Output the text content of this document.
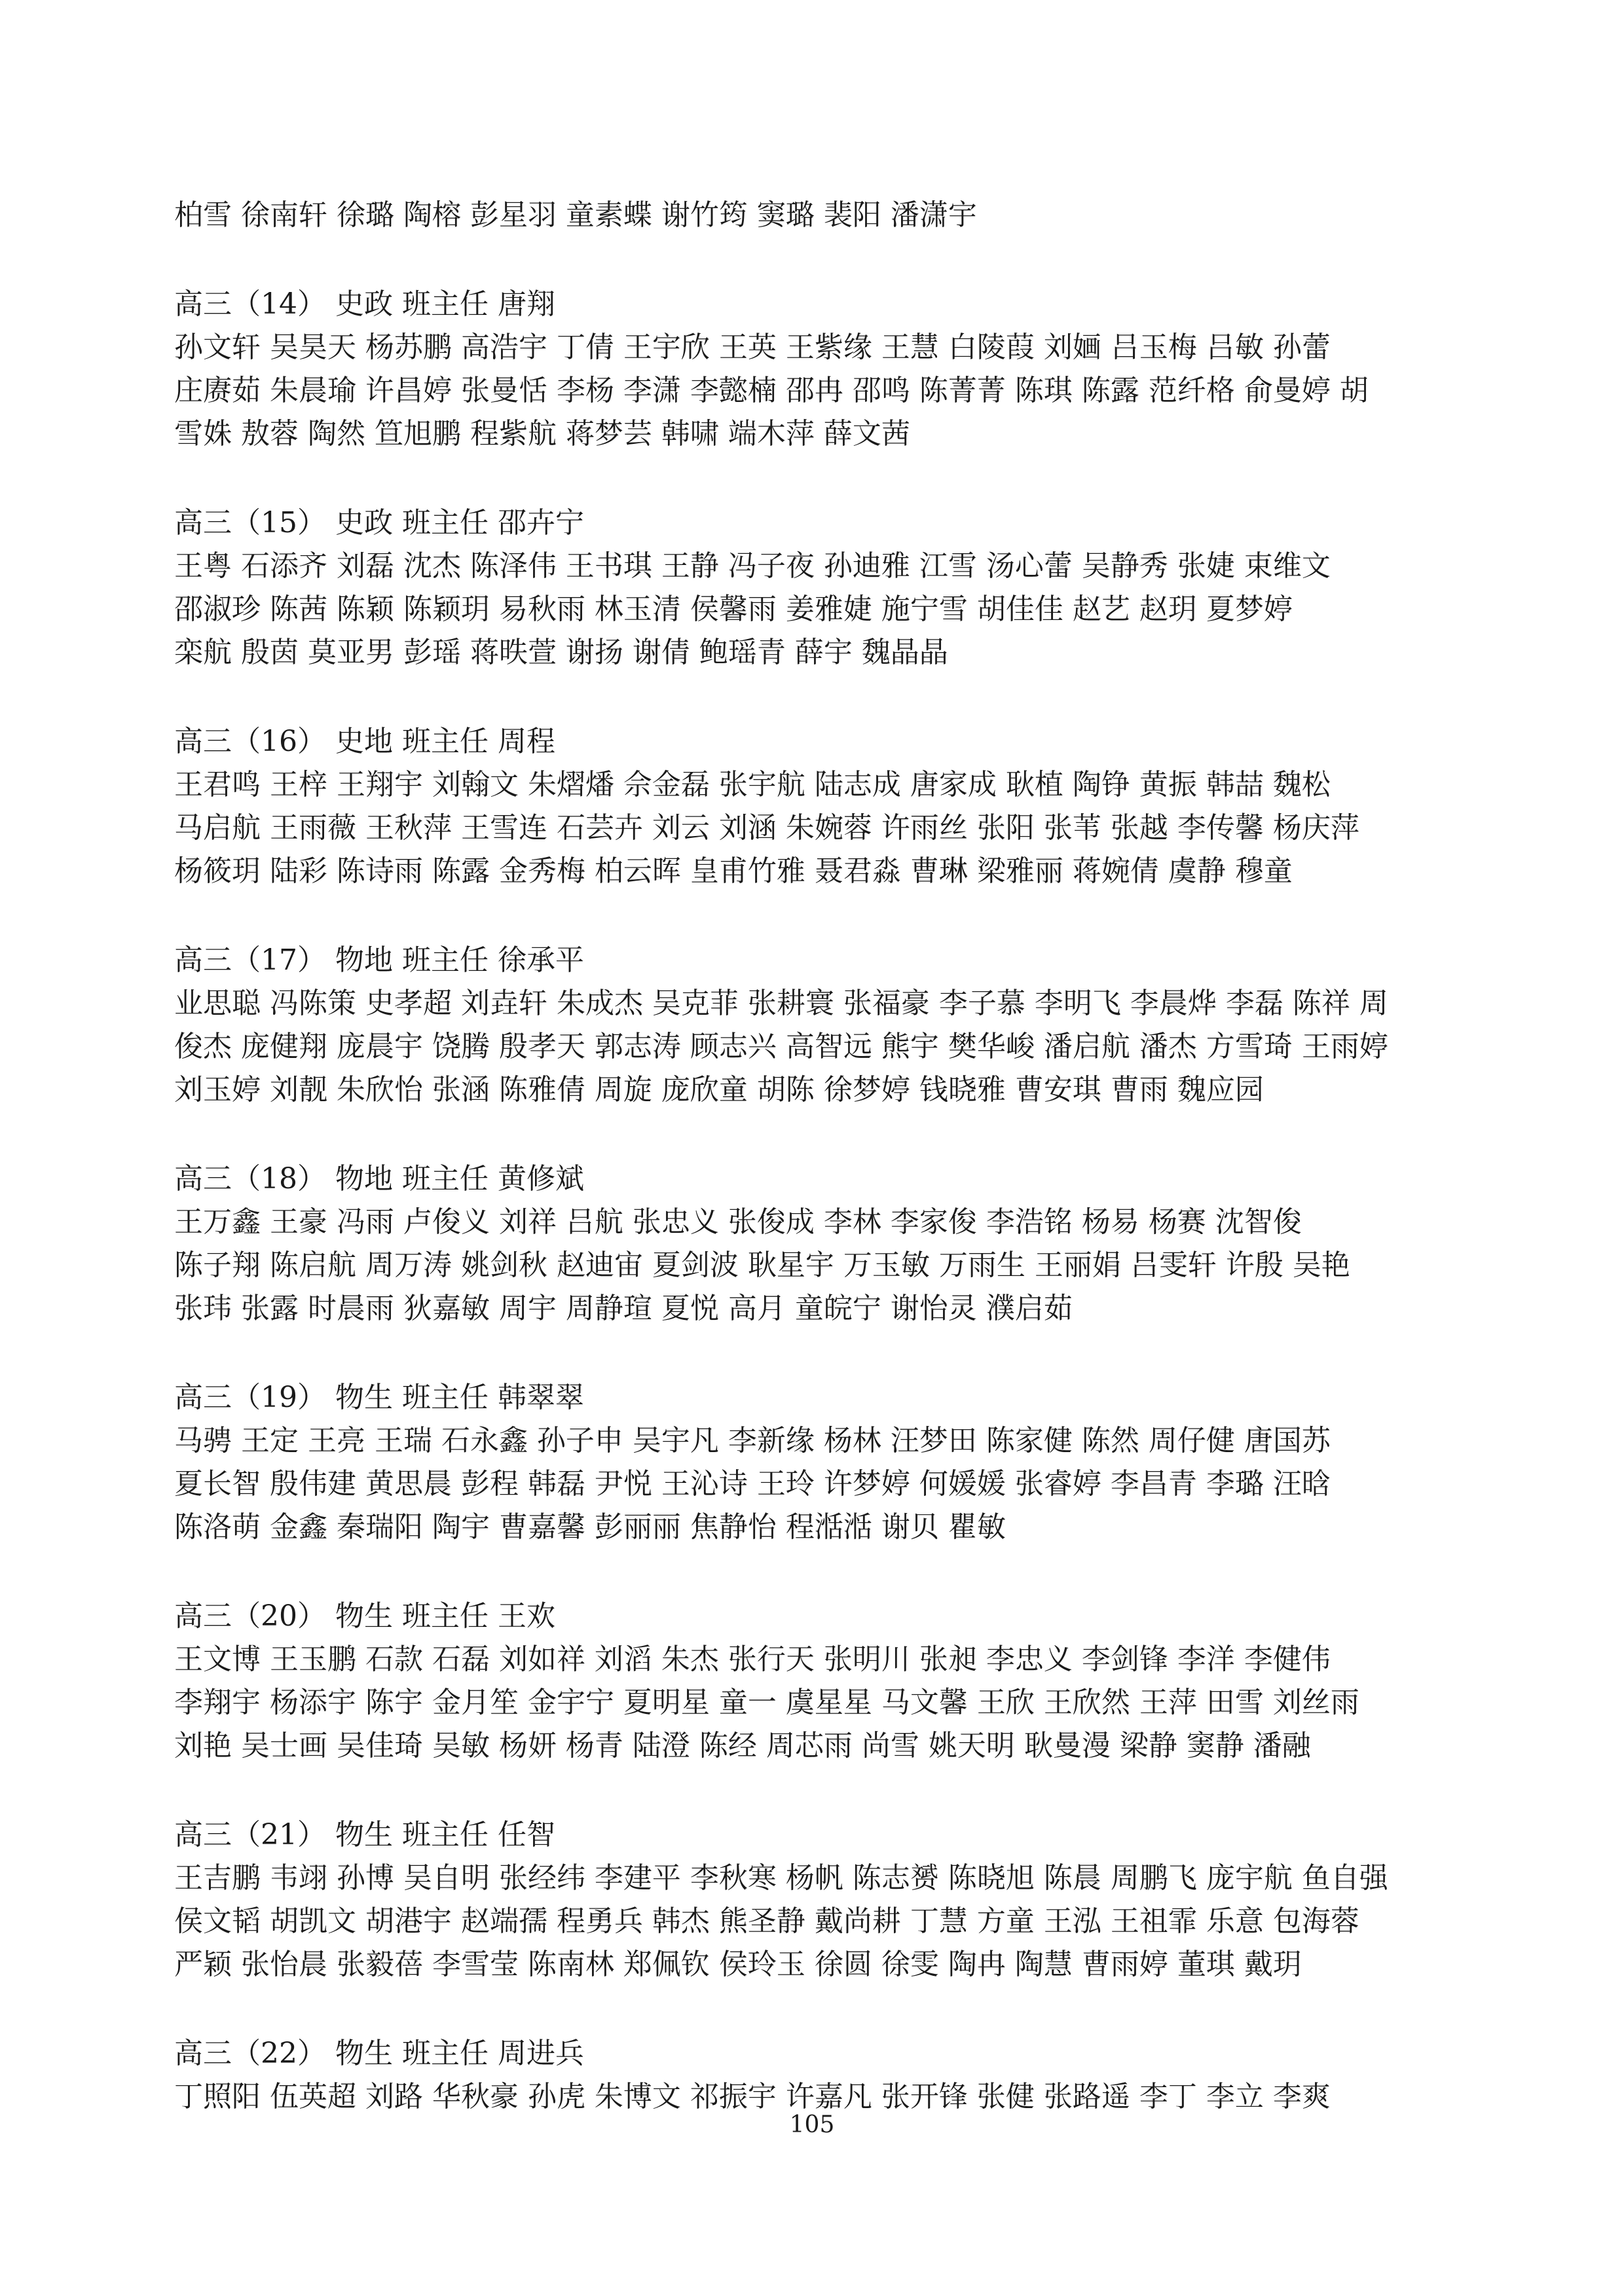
柏雪 徐南轩 徐璐 陶榕 彭星羽 童素蝶 谢竹筠 窦璐 裴阳 潘潇宇
高三（14） 史政 班主任 唐翔
孙文轩 吴昊天 杨苏鹏 高浩宇 丁倩 王宇欣 王英 王紫缘 王慧 白陵葭 刘婳 吕玉梅 吕敏 孙蕾
庄赓茹 朱晨瑜 许昌婷 张曼恬 李杨 李潇 李懿楠 邵冉 邵鸣 陈菁菁 陈琪 陈露 范纤格 俞曼婷 胡
雪姝 敖蓉 陶然 笪旭鹏 程紫航 蒋梦芸 韩啸 端木萍 薛文茜
高三（15） 史政 班主任 邵卉宁
王粤 石添齐 刘磊 沈杰 陈泽伟 王书琪 王静 冯子夜 孙迪雅 江雪 汤心蕾 吴静秀 张婕 束维文
邵淑珍 陈茜 陈颖 陈颖玥 易秋雨 林玉清 侯馨雨 姜雅婕 施宁雪 胡佳佳 赵艺 赵玥 夏梦婷
栾航 殷茵 莫亚男 彭瑶 蒋昳萱 谢扬 谢倩 鲍瑶青 薛宇 魏晶晶
高三（16） 史地 班主任 周程
王君鸣 王梓 王翔宇 刘翰文 朱熠燔 佘金磊 张宇航 陆志成 唐家成 耿植 陶铮 黄振 韩喆 魏松
马启航 王雨薇 王秋萍 王雪连 石芸卉 刘云 刘涵 朱婉蓉 许雨丝 张阳 张苇 张越 李传馨 杨庆萍
杨筱玥 陆彩 陈诗雨 陈露 金秀梅 柏云晖 皇甫竹雅 聂君淼 曹琳 梁雅丽 蒋婉倩 虞静 穆童
高三（17） 物地 班主任 徐承平
业思聪 冯陈策 史孝超 刘垚轩 朱成杰 吴克菲 张耕寰 张福豪 李子慕 李明飞 李晨烨 李磊 陈祥 周
俊杰 庞健翔 庞晨宇 饶腾 殷孝天 郭志涛 顾志兴 高智远 熊宇 樊华峻 潘启航 潘杰 方雪琦 王雨婷
刘玉婷 刘靓 朱欣怡 张涵 陈雅倩 周旋 庞欣童 胡陈 徐梦婷 钱晓雅 曹安琪 曹雨 魏应园
高三（18） 物地 班主任 黄修斌
王万鑫 王豪 冯雨 卢俊义 刘祥 吕航 张忠义 张俊成 李林 李家俊 李浩铭 杨易 杨赛 沈智俊
陈子翔 陈启航 周万涛 姚剑秋 赵迪宙 夏剑波 耿星宇 万玉敏 万雨生 王丽娟 吕雯轩 许殷 吴艳
张玮 张露 时晨雨 狄嘉敏 周宇 周静瑄 夏悦 高月 童皖宁 谢怡灵 濮启茹
高三（19） 物生 班主任 韩翠翠
马骋 王定 王亮 王瑞 石永鑫 孙子申 吴宇凡 李新缘 杨林 汪梦田 陈家健 陈然 周仔健 唐国苏
夏长智 殷伟建 黄思晨 彭程 韩磊 尹悦 王沁诗 王玲 许梦婷 何媛媛 张睿婷 李昌青 李璐 汪晗
陈洛萌 金鑫 秦瑞阳 陶宇 曹嘉馨 彭丽丽 焦静怡 程湉湉 谢贝 瞿敏
高三（20） 物生 班主任 王欢
王文博 王玉鹏 石款 石磊 刘如祥 刘滔 朱杰 张行天 张明川 张昶 李忠义 李剑锋 李洋 李健伟
李翔宇 杨添宇 陈宇 金月笙 金宇宁 夏明星 童一 虞星星 马文馨 王欣 王欣然 王萍 田雪 刘丝雨
刘艳 吴士画 吴佳琦 吴敏 杨妍 杨青 陆澄 陈经 周芯雨 尚雪 姚天明 耿曼漫 梁静 窦静 潘融
高三（21） 物生 班主任 任智
王吉鹏 韦翊 孙博 吴自明 张经纬 李建平 李秋寒 杨帆 陈志赟 陈晓旭 陈晨 周鹏飞 庞宇航 鱼自强
侯文韬 胡凯文 胡港宇 赵端孺 程勇兵 韩杰 熊圣静 戴尚耕 丁慧 方童 王泓 王祖霏 乐意 包海蓉
严颖 张怡晨 张毅蓓 李雪莹 陈南林 郑佩钦 侯玲玉 徐圆 徐雯 陶冉 陶慧 曹雨婷 董琪 戴玥
高三（22） 物生 班主任 周进兵
丁照阳 伍英超 刘路 华秋豪 孙虎 朱博文 祁振宇 许嘉凡 张开锋 张健 张路遥 李丁 李立 李爽
105
